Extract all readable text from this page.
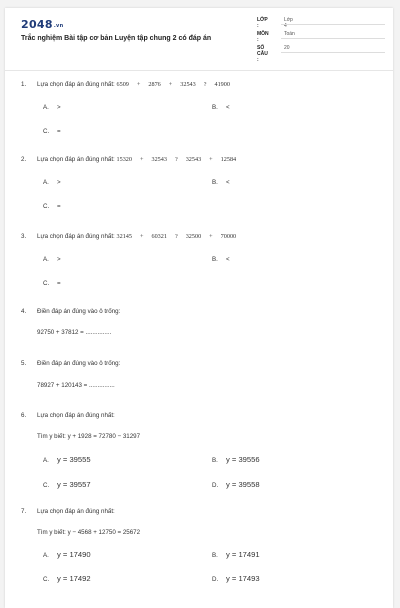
2048.vn
Trắc nghiệm Bài tập cơ bản Luyện tập chung 2 có đáp án
LỚP :
Lớp 4
MÔN :
Toán
SỐ CÂU :
20
1. Lựa chọn đáp án đúng nhất: 6509 + 2876 + 32543 ? 41900
A. >	B. <
C. =
2. Lựa chọn đáp án đúng nhất: 15320 + 32543 ? 32543 + 12584
A. >	B. <
C. =
3. Lựa chọn đáp án đúng nhất: 32145 + 60321 ? 32500 + 70000
A. >	B. <
C. =
4. Điền đáp án đúng vào ô trống:
92750 + 37812 = ...............
5. Điền đáp án đúng vào ô trống:
78927 + 120143 = ...............
6. Lựa chọn đáp án đúng nhất:
Tìm y biết: y + 1928 = 72780 − 31297
A. y = 39555	B. y = 39556
C. y = 39557	D. y = 39558
7. Lựa chọn đáp án đúng nhất:
Tìm y biết: y − 4568 + 12750 = 25672
A. y = 17490	B. y = 17491
C. y = 17492	D. y = 17493
